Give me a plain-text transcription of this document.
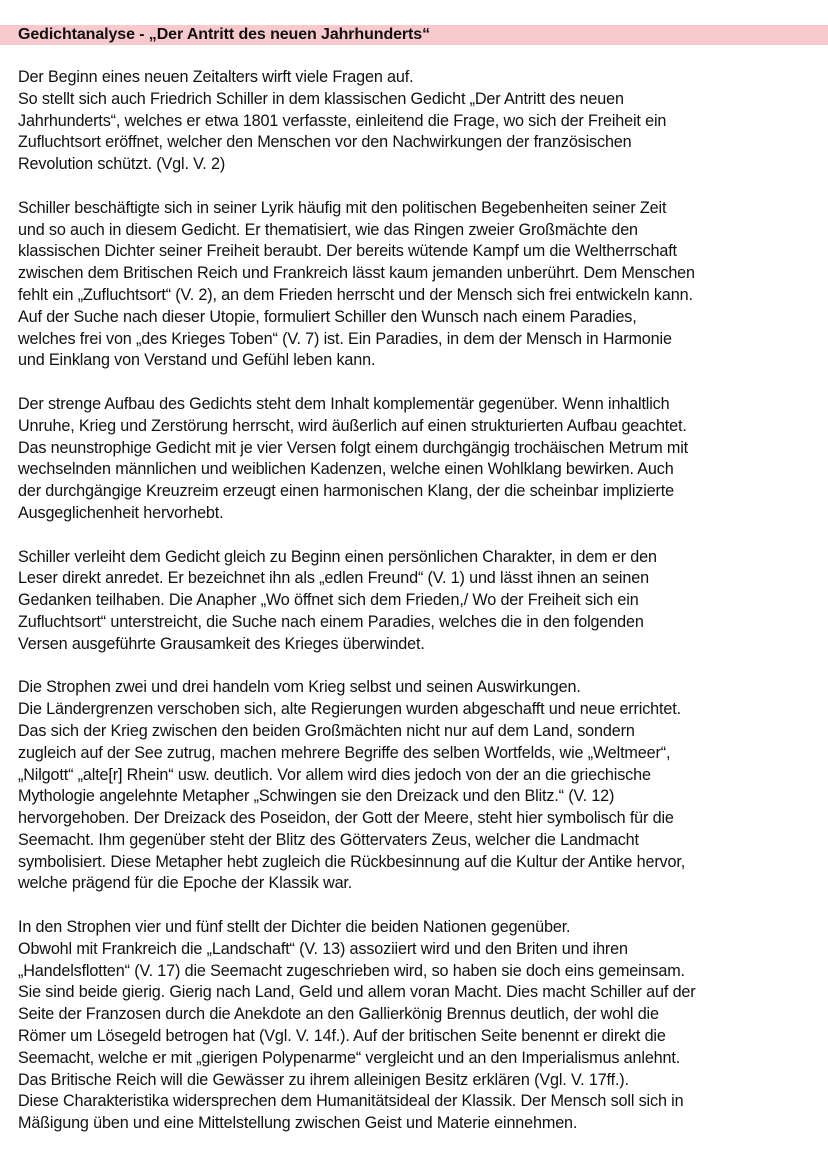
Gedichtanalyse - „Der Antritt des neuen Jahrhunderts“

Der Beginn eines neuen Zeitalters wirft viele Fragen auf.
So stellt sich auch Friedrich Schiller in dem klassischen Gedicht „Der Antritt des neuen
Jahrhunderts“, welches er etwa 1801 verfasste, einleitend die Frage, wo sich der Freiheit ein
Zufluchtsort eröffnet, welcher den Menschen vor den Nachwirkungen der französischen
Revolution schützt. (Vgl. V. 2)

Schiller beschäftigte sich in seiner Lyrik häufig mit den politischen Begebenheiten seiner Zeit
und so auch in diesem Gedicht. Er thematisiert, wie das Ringen zweier Großmächte den
klassischen Dichter seiner Freiheit beraubt. Der bereits wütende Kampf um die Weltherrschaft
zwischen dem Britischen Reich und Frankreich lässt kaum jemanden unberührt. Dem Menschen
fehlt ein „Zufluchtsort“ (V. 2), an dem Frieden herrscht und der Mensch sich frei entwickeln kann.
Auf der Suche nach dieser Utopie, formuliert Schiller den Wunsch nach einem Paradies,
welches frei von „des Krieges Toben“ (V. 7) ist. Ein Paradies, in dem der Mensch in Harmonie
und Einklang von Verstand und Gefühl leben kann.

Der strenge Aufbau des Gedichts steht dem Inhalt komplementär gegenüber. Wenn inhaltlich
Unruhe, Krieg und Zerstörung herrscht, wird äußerlich auf einen strukturierten Aufbau geachtet.
Das neunstrophige Gedicht mit je vier Versen folgt einem durchgängig trochäischen Metrum mit
wechselnden männlichen und weiblichen Kadenzen, welche einen Wohlklang bewirken. Auch
der durchgängige Kreuzreim erzeugt einen harmonischen Klang, der die scheinbar implizierte
Ausgeglichenheit hervorhebt.

Schiller verleiht dem Gedicht gleich zu Beginn einen persönlichen Charakter, in dem er den
Leser direkt anredet. Er bezeichnet ihn als „edlen Freund“ (V. 1) und lässt ihnen an seinen
Gedanken teilhaben. Die Anapher „Wo öffnet sich dem Frieden,/ Wo der Freiheit sich ein
Zufluchtsort“ unterstreicht, die Suche nach einem Paradies, welches die in den folgenden
Versen ausgeführte Grausamkeit des Krieges überwindet.

Die Strophen zwei und drei handeln vom Krieg selbst und seinen Auswirkungen.
Die Ländergrenzen verschoben sich, alte Regierungen wurden abgeschafft und neue errichtet.
Das sich der Krieg zwischen den beiden Großmächten nicht nur auf dem Land, sondern
zugleich auf der See zutrug, machen mehrere Begriffe des selben Wortfelds, wie „Weltmeer“,
„Nilgott“ „alte[r] Rhein“ usw. deutlich. Vor allem wird dies jedoch von der an die griechische
Mythologie angelehnte Metapher „Schwingen sie den Dreizack und den Blitz.“ (V. 12)
hervorgehoben. Der Dreizack des Poseidon, der Gott der Meere, steht hier symbolisch für die
Seemacht. Ihm gegenüber steht der Blitz des Göttervaters Zeus, welcher die Landmacht
symbolisiert. Diese Metapher hebt zugleich die Rückbesinnung auf die Kultur der Antike hervor,
welche prägend für die Epoche der Klassik war.

In den Strophen vier und fünf stellt der Dichter die beiden Nationen gegenüber.
Obwohl mit Frankreich die „Landschaft“ (V. 13) assoziiert wird und den Briten und ihren
„Handelsflotten“ (V. 17) die Seemacht zugeschrieben wird, so haben sie doch eins gemeinsam.
Sie sind beide gierig. Gierig nach Land, Geld und allem voran Macht. Dies macht Schiller auf der
Seite der Franzosen durch die Anekdote an den Gallierkönig Brennus deutlich, der wohl die
Römer um Lösegeld betrogen hat (Vgl. V. 14f.). Auf der britischen Seite benennt er direkt die
Seemacht, welche er mit „gierigen Polypenarme“ vergleicht und an den Imperialismus anlehnt.
Das Britische Reich will die Gewässer zu ihrem alleinigen Besitz erklären (Vgl. V. 17ff.).
Diese Charakteristika widersprechen dem Humanitätsideal der Klassik. Der Mensch soll sich in
Mäßigung üben und eine Mittelstellung zwischen Geist und Materie einnehmen.
